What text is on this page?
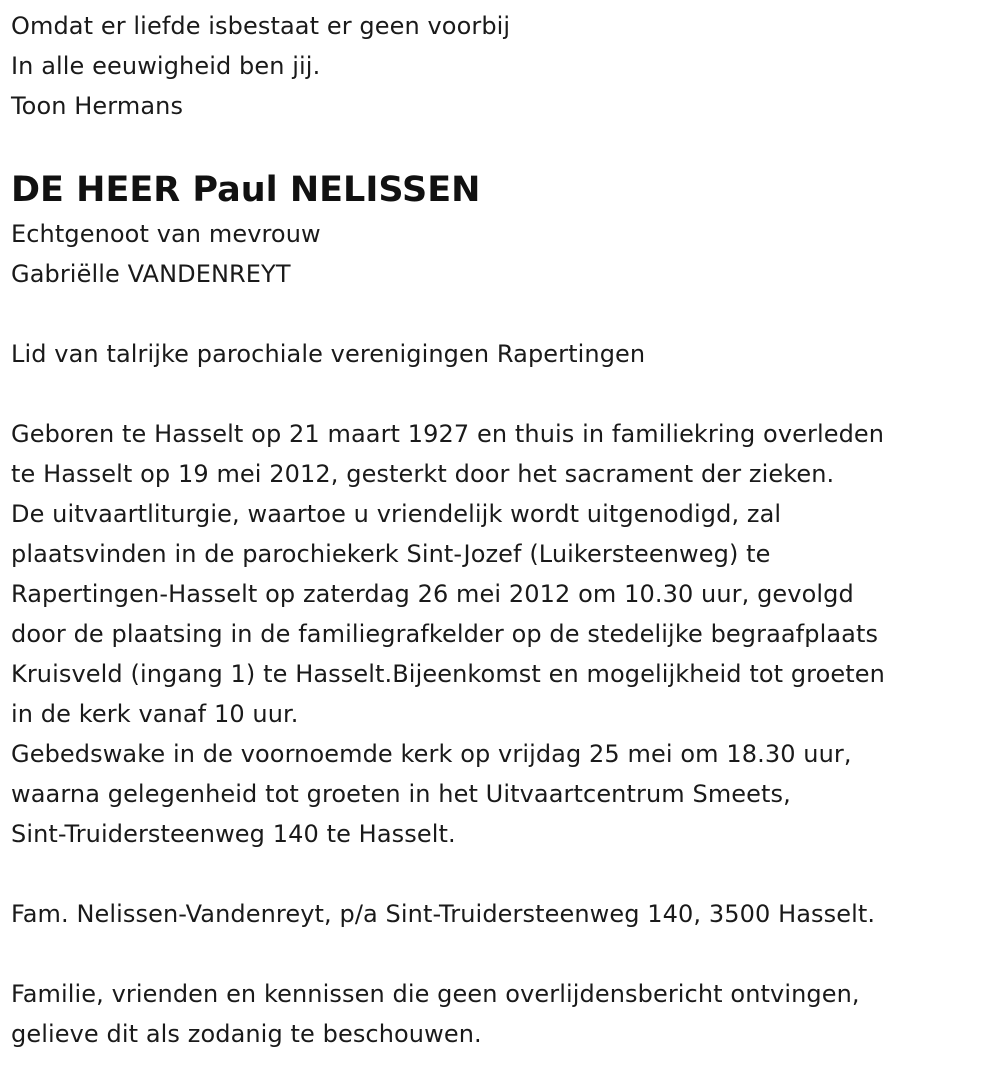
Omdat er liefde isbestaat er geen voorbij
In alle eeuwigheid ben jij.
Toon Hermans
DE HEER Paul NELISSEN
Echtgenoot van mevrouw
Gabriëlle VANDENREYT
Lid van talrijke parochiale verenigingen Rapertingen
Geboren te Hasselt op 21 maart 1927 en thuis in familiekring overleden
te Hasselt op 19 mei 2012, gesterkt door het sacrament der zieken.
De uitvaartliturgie, waartoe u vriendelijk wordt uitgenodigd, zal
plaatsvinden in de parochiekerk Sint-Jozef (Luikersteenweg) te
Rapertingen-Hasselt op zaterdag 26 mei 2012 om 10.30 uur, gevolgd
door de plaatsing in de familiegrafkelder op de stedelijke begraafplaats
Kruisveld (ingang 1) te Hasselt.Bijeenkomst en mogelijkheid tot groeten
in de kerk vanaf 10 uur.
Gebedswake in de voornoemde kerk op vrijdag 25 mei om 18.30 uur,
waarna gelegenheid tot groeten in het Uitvaartcentrum Smeets,
Sint-Truidersteenweg 140 te Hasselt.
Fam. Nelissen-Vandenreyt, p/a Sint-Truidersteenweg 140, 3500 Hasselt.
Familie, vrienden en kennissen die geen overlijdensbericht ontvingen,
gelieve dit als zodanig te beschouwen.
